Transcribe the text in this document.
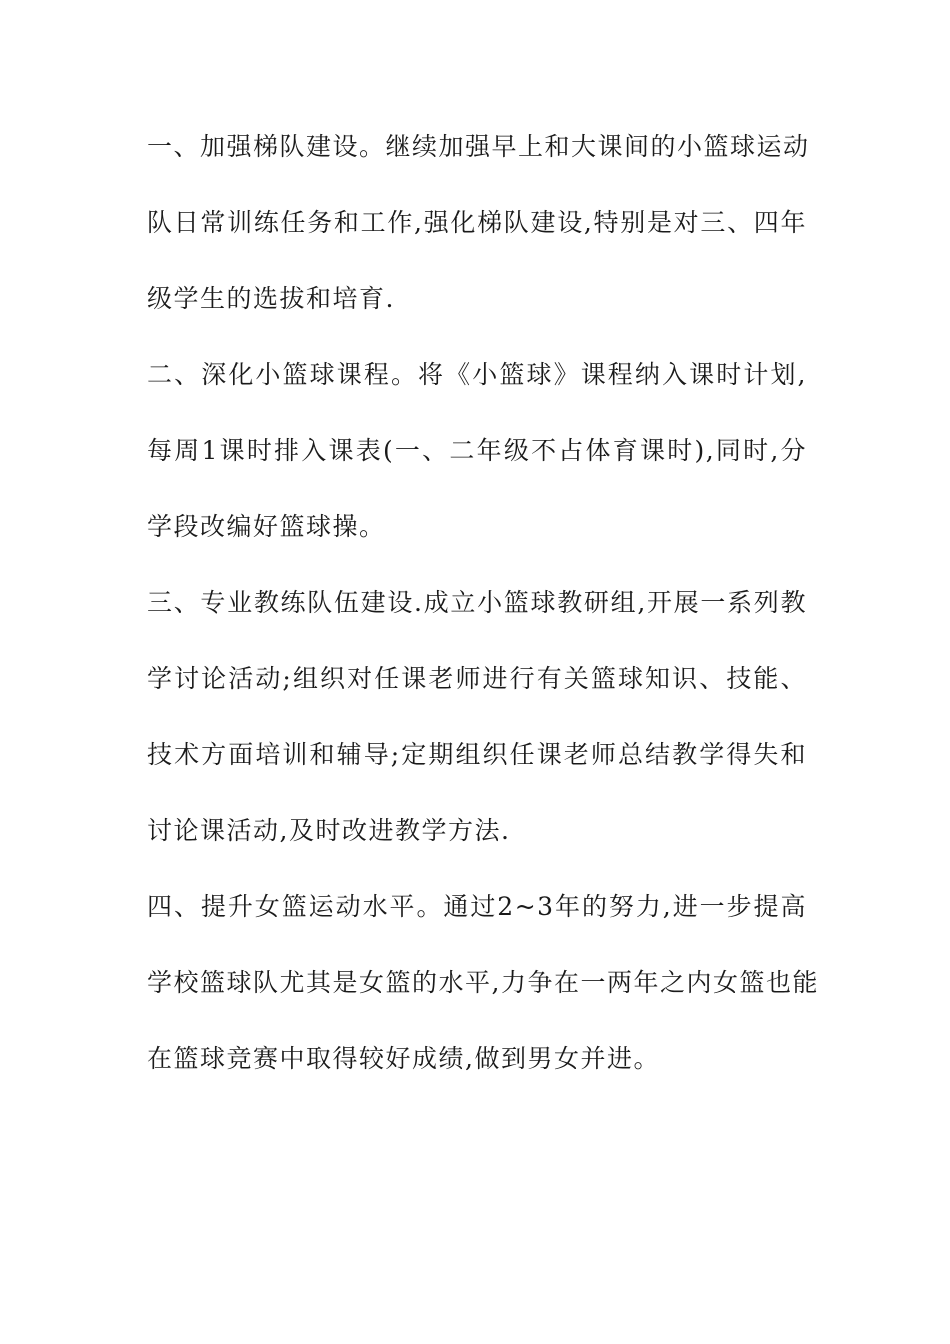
一、加强梯队建设。继续加强早上和大课间的小篮球运动
队日常训练任务和工作,强化梯队建设,特别是对三、四年
级学生的选拔和培育.
二、深化小篮球课程。将《小篮球》课程纳入课时计划,
每周1课时排入课表(一、二年级不占体育课时),同时,分
学段改编好篮球操。
三、专业教练队伍建设.成立小篮球教研组,开展一系列教
学讨论活动;组织对任课老师进行有关篮球知识、技能、
技术方面培训和辅导;定期组织任课老师总结教学得失和
讨论课活动,及时改进教学方法.
四、提升女篮运动水平。通过2~3年的努力,进一步提高
学校篮球队尤其是女篮的水平,力争在一两年之内女篮也能
在篮球竞赛中取得较好成绩,做到男女并进。
